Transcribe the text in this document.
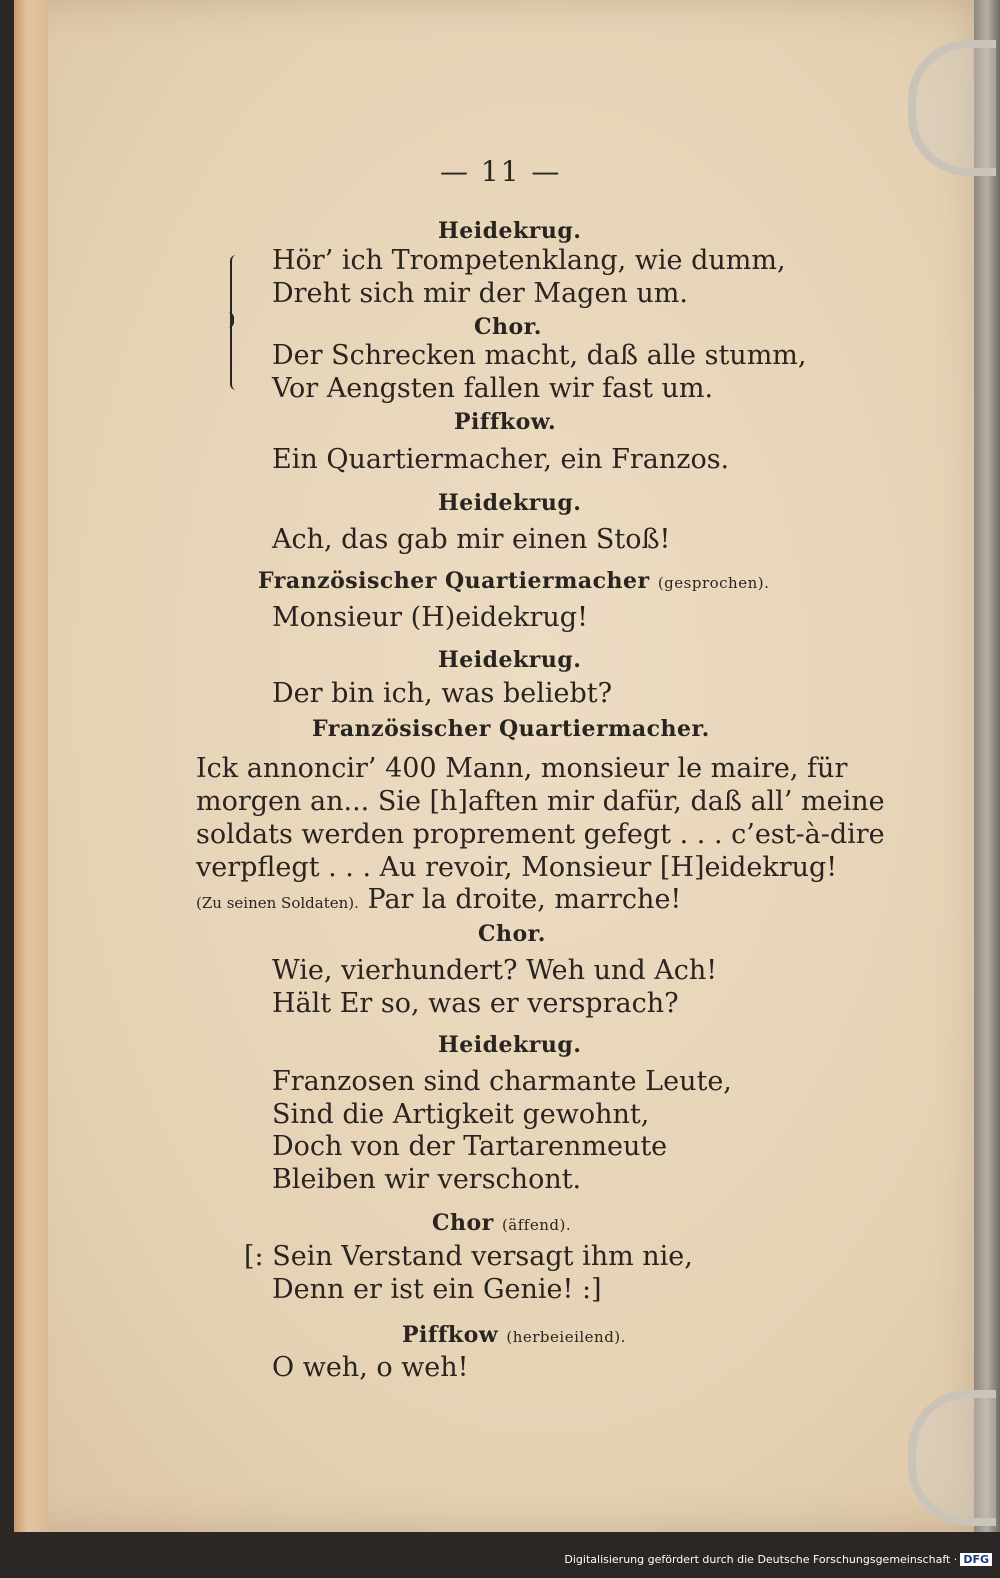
— 11 —
Heidekrug.
Hör’ ich Trompetenklang, wie dumm,
Dreht sich mir der Magen um.
Chor.
Der Schrecken macht, daß alle stumm,
Vor Aengsten fallen wir fast um.
Piffkow.
Ein Quartiermacher, ein Franzos.
Heidekrug.
Ach, das gab mir einen Stoß!
Französischer Quartiermacher (gesprochen).
Monsieur (H)eidekrug!
Heidekrug.
Der bin ich, was beliebt?
Französischer Quartiermacher.
Ick annoncir’ 400 Mann, monsieur le maire, für
morgen an... Sie [h]aften mir dafür, daß all’ meine
soldats werden proprement gefegt . . . c’est-à-dire
verpflegt . . . Au revoir, Monsieur [H]eidekrug!
(Zu seinen Soldaten). Par la droite, marrche!
Chor.
Wie, vierhundert? Weh und Ach!
Hält Er so, was er versprach?
Heidekrug.
Franzosen sind charmante Leute,
Sind die Artigkeit gewohnt,
Doch von der Tartarenmeute
Bleiben wir verschont.
Chor (äffend).
[: Sein Verstand versagt ihm nie,
Denn er ist ein Genie! :]
Piffkow (herbeieilend).
O weh, o weh!
Digitalisierung gefördert durch die Deutsche Forschungsgemeinschaft · DFG
